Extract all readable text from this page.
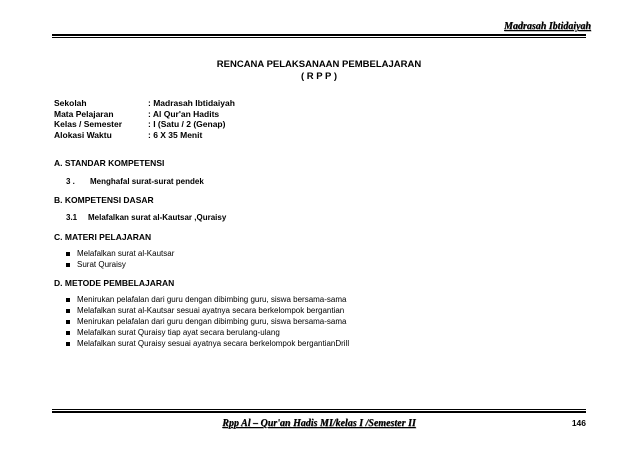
Madrasah Ibtidaiyah
RENCANA PELAKSANAAN PEMBELAJARAN
( R P P )
Sekolah	: Madrasah Ibtidaiyah
Mata Pelajaran	: Al Qur'an Hadits
Kelas / Semester	: I (Satu / 2 (Genap)
Alokasi Waktu	: 6 X 35 Menit
A. STANDAR KOMPETENSI
3 . Menghafal surat-surat pendek
B. KOMPETENSI DASAR
3.1 Melafalkan surat al-Kautsar ,Quraisy
C. MATERI PELAJARAN
Melafalkan surat al-Kautsar
Surat Quraisy
D. METODE PEMBELAJARAN
Menirukan pelafalan dari guru dengan dibimbing guru, siswa bersama-sama
Melafalkan surat al-Kautsar sesuai ayatnya secara berkelompok bergantian
Menirukan pelafalan dari guru dengan dibimbing guru, siswa bersama-sama
Melafalkan surat Quraisy tiap ayat secara berulang-ulang
Melafalkan surat Quraisy sesuai ayatnya secara berkelompok bergantianDrill
Rpp Al – Qur'an Hadis MI/kelas I /Semester II	146
